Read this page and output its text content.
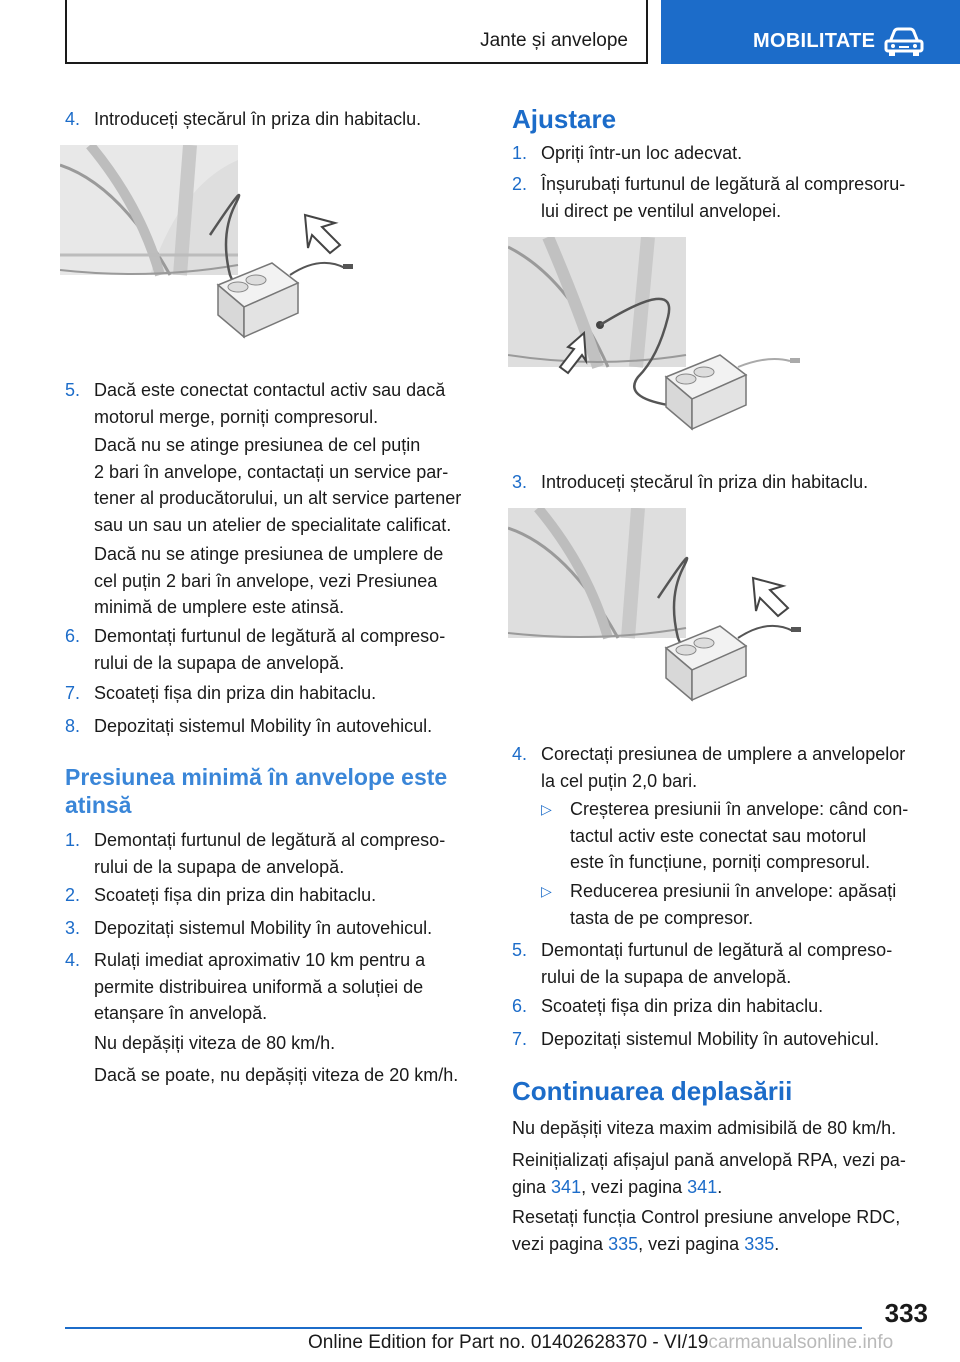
Jante și anvelope	MOBILITATE
4. Introduceți ștecărul în priza din habitaclu.
5. Dacă este conectat contactul activ sau dacă
motorul merge, porniți compresorul.
Dacă nu se atinge presiunea de cel puțin
2 bari în anvelope, contactați un service par-
tener al producătorului, un alt service partener
sau un sau un atelier de specialitate calificat.
Dacă nu se atinge presiunea de umplere de
cel puțin 2 bari în anvelope, vezi Presiunea
minimă de umplere este atinsă.
6. Demontați furtunul de legătură al compreso-
rului de la supapa de anvelopă.
7. Scoateți fișa din priza din habitaclu.
8. Depozitați sistemul Mobility în autovehicul.
Presiunea minimă în anvelope este
atinsă
1. Demontați furtunul de legătură al compreso-
rului de la supapa de anvelopă.
2. Scoateți fișa din priza din habitaclu.
3. Depozitați sistemul Mobility în autovehicul.
4. Rulați imediat aproximativ 10 km pentru a
permite distribuirea uniformă a soluției de
etanșare în anvelopă.
Nu depășiți viteza de 80 km/h.
Dacă se poate, nu depășiți viteza de 20 km/h.
Ajustare
1. Opriți într-un loc adecvat.
2. Înșurubați furtunul de legătură al compresoru-
lui direct pe ventilul anvelopei.
3. Introduceți ștecărul în priza din habitaclu.
4. Corectați presiunea de umplere a anvelopelor
la cel puțin 2,0 bari.
▷ Creșterea presiunii în anvelope: când con-
tactul activ este conectat sau motorul
este în funcțiune, porniți compresorul.
▷ Reducerea presiunii în anvelope: apăsați
tasta de pe compresor.
5. Demontați furtunul de legătură al compreso-
rului de la supapa de anvelopă.
6. Scoateți fișa din priza din habitaclu.
7. Depozitați sistemul Mobility în autovehicul.
Continuarea deplasării
Nu depășiți viteza maxim admisibilă de 80 km/h.
Reinițializați afișajul pană anvelopă RPA, vezi pa-
gina 341, vezi pagina 341.
Resetați funcția Control presiune anvelope RDC,
vezi pagina 335, vezi pagina 335.
333
Online Edition for Part no. 01402628370 - VI/19carmanualsonline.info
